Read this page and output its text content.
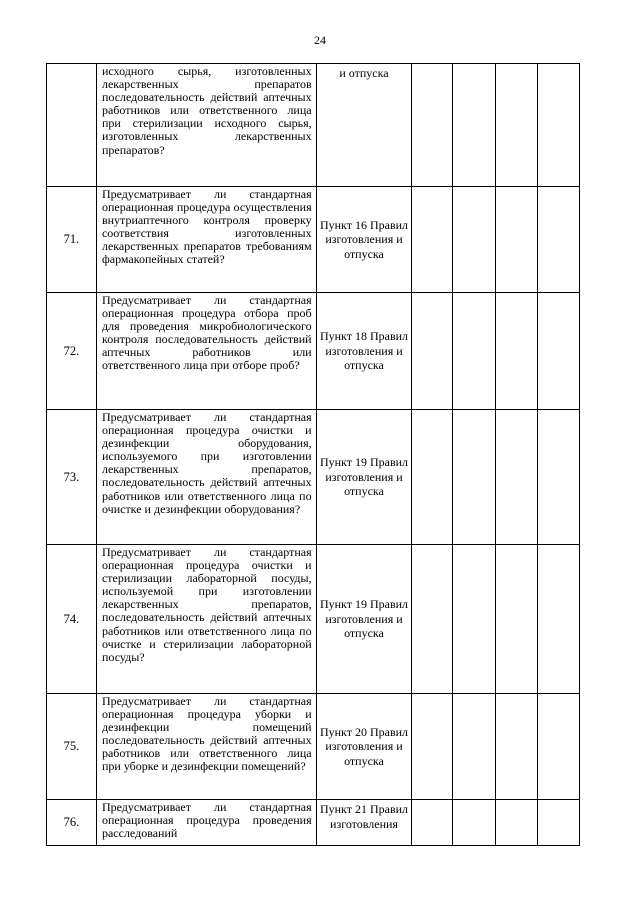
24
	исходного сырья, изготовленных лекарственных препаратов последовательность действий аптечных работников или ответственного лица при стерилизации исходного сырья, изготовленных лекарственных препаратов?	и отпуска				
71.	Предусматривает ли стандартная операционная процедура осуществления внутриаптечного контроля проверку соответствия изготовленных лекарственных препаратов требованиям фармакопейных статей?	Пункт 16 Правил изготовления и отпуска				
72.	Предусматривает ли стандартная операционная процедура отбора проб для проведения микробиологического контроля последовательность действий аптечных работников или ответственного лица при отборе проб?	Пункт 18 Правил изготовления и отпуска				
73.	Предусматривает ли стандартная операционная процедура очистки и дезинфекции оборудования, используемого при изготовлении лекарственных препаратов, последовательность действий аптечных работников или ответственного лица по очистке и дезинфекции оборудования?	Пункт 19 Правил изготовления и отпуска				
74.	Предусматривает ли стандартная операционная процедура очистки и стерилизации лабораторной посуды, используемой при изготовлении лекарственных препаратов, последовательность действий аптечных работников или ответственного лица по очистке и стерилизации лабораторной посуды?	Пункт 19 Правил изготовления и отпуска				
75.	Предусматривает ли стандартная операционная процедура уборки и дезинфекции помещений последовательность действий аптечных работников или ответственного лица при уборке и дезинфекции помещений?	Пункт 20 Правил изготовления и отпуска				
76.	Предусматривает ли стандартная операционная процедура проведения расследований	Пункт 21 Правил изготовления				
